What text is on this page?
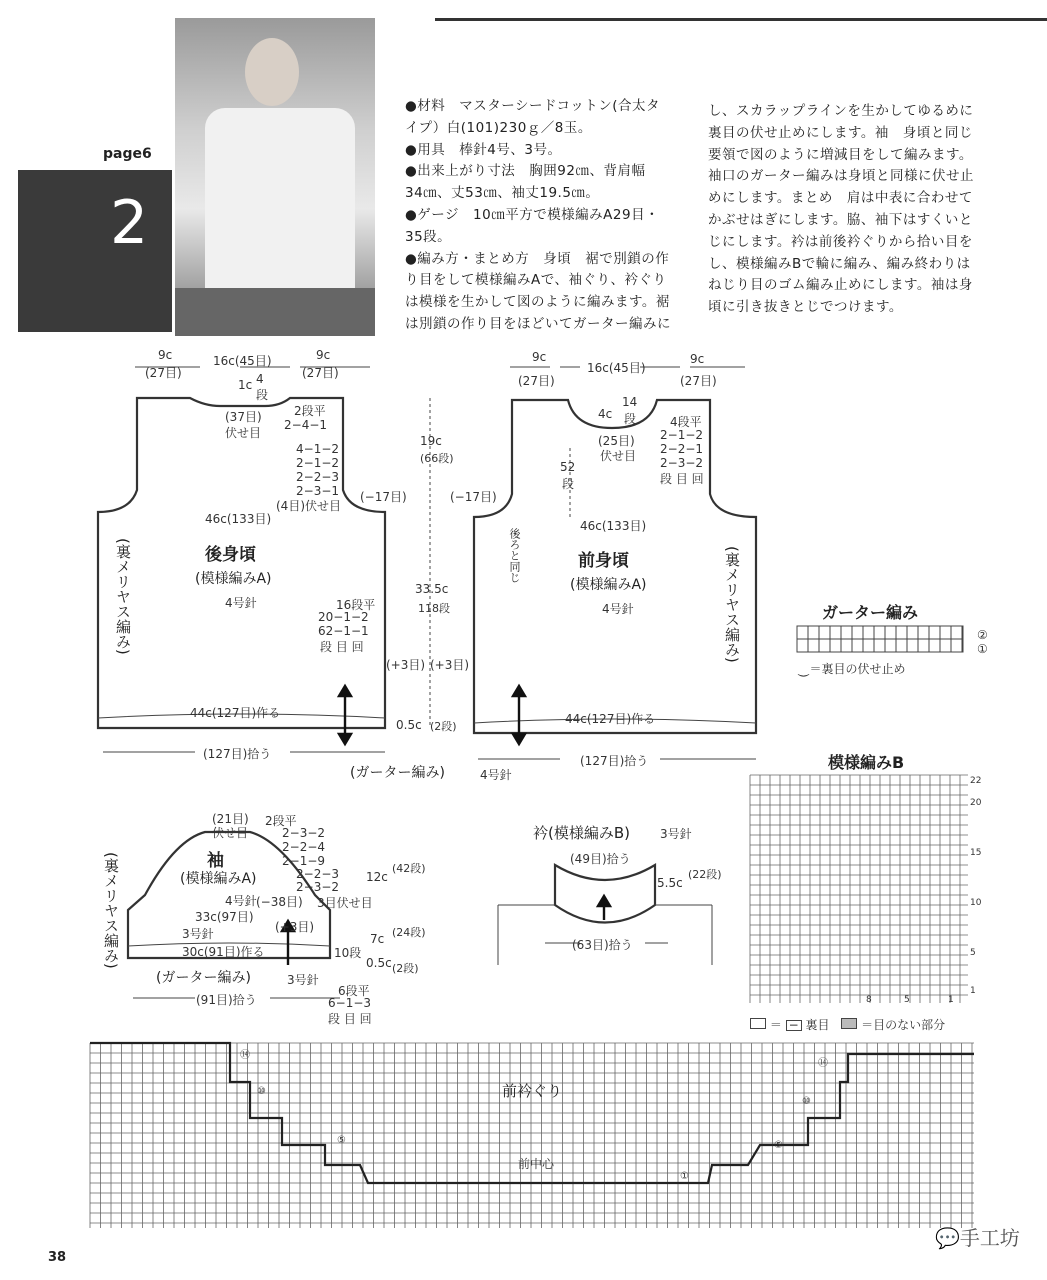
page6
2
●材料　マスターシードコットン(合太タ
イプ）白(101)230ｇ／8玉。
●用具　棒針4号、3号。
●出来上がり寸法　胸囲92㎝、背肩幅
34㎝、丈53㎝、袖丈19.5㎝。
●ゲージ　10㎝平方で模様編みA29目・
35段。
●編み方・まとめ方　身頃　裾で別鎖の作
り目をして模様編みAで、袖ぐり、衿ぐり
は模様を生かして図のように編みます。裾
は別鎖の作り目をほどいてガーター編みに
し、スカラップラインを生かしてゆるめに
裏目の伏せ止めにします。袖　身頃と同じ
要領で図のように増減目をして編みます。
袖口のガーター編みは身頃と同様に伏せ止
めにします。まとめ　肩は中表に合わせて
かぶせはぎにします。脇、袖下はすくいと
じにします。衿は前後衿ぐりから拾い目を
し、模様編みBで輪に編み、編み終わりは
ねじり目のゴム編み止めにします。袖は身
頃に引き抜きとじでつけます。
9c	16c(45目)	9c
(27目)	(27目)
1c 4
段
(37目)
伏せ目
2段平
2−4−1
4−1−2
2−1−2
2−2−3
2−3−1
(4目)伏せ目
46c(133目)
後身頃
(模様編みA)
4号針
(裏メリヤス編み)	16段平
20−1−2
62−1−1
段 目 回
44c(127目)作る
(127目)拾う
19c
(66段)
(−17目)	(−17目)
33.5c
118段
(+3目) (+3目)
0.5c (2段)
(ガーター編み)	4号針
9c
16c(45目)
9c
(27目)	(27目)
4c
14
段
(25目)
伏せ目
4段平
2−1−2
2−2−1
2−3−2
段 目 回
52
段
46c(133目)
後ろと同じ	前身頃
(模様編みA)
4号針	(裏メリヤス編み)
44c(127目)作る
(127目)拾う
ガーター編み
②
①
⏝＝裏目の伏せ止め
模様編みB
22
20
15
10
5
1
8	5	1
＝ − 裏目	＝目のない部分
(21目)
伏せ目
2段平
2−3−2
2−2−4
2−1−9
2−2−3
2−3−2
袖
(模様編みA)
4号針
(裏メリヤス編み)	12c
(42段)
(−38目) 3目伏せ目
33c(97目)
(+3目)
3号針
30c(91目)作る
7c (24段)
10段
0.5c (2段)
(ガーター編み)	3号針
(91目)拾う
6段平
6−1−3
段 目 回
衿(模様編みB)	3号針
(49目)拾う
(63目)拾う
5.5c
(22段)
前衿ぐり
前中心
⑭
⑩
⑤
①
⑤
⑩
⑭
38
💬手工坊
